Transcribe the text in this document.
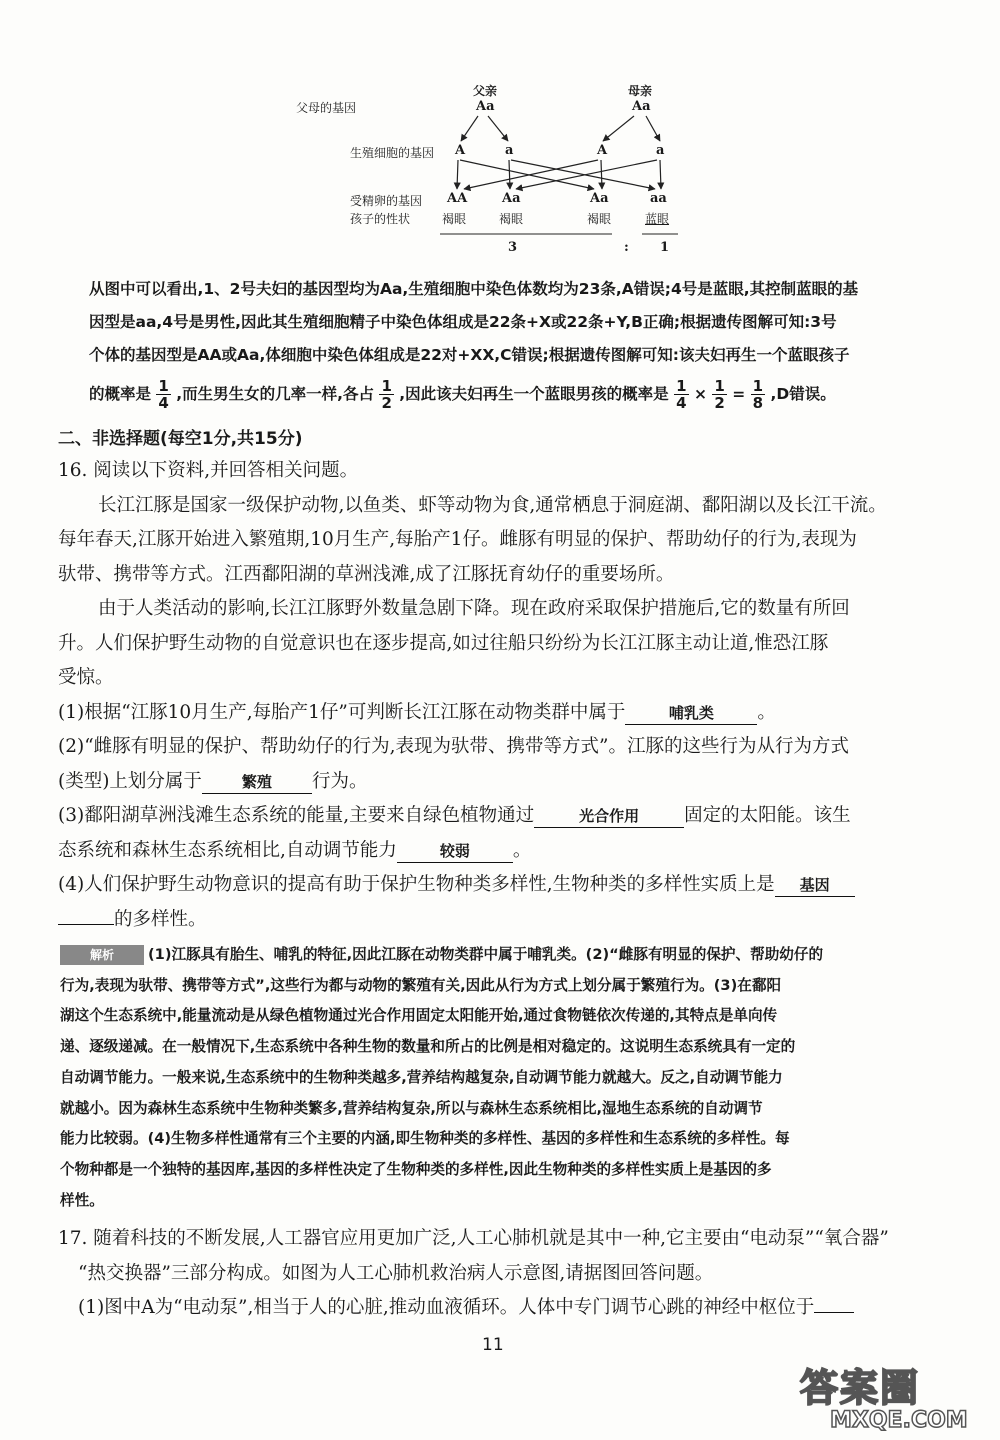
父亲	母亲
父母的基因
生殖细胞的基因
受精卵的基因
孩子的性状
Aa	Aa
A	a	A	a
AA	Aa	Aa	aa
褐眼	褐眼	褐眼	蓝眼
3	: 1
从图中可以看出,1、2号夫妇的基因型均为Aa,生殖细胞中染色体数均为23条,A错误;4号是蓝眼,其控制蓝眼的基
因型是aa,4号是男性,因此其生殖细胞精子中染色体组成是22条+X或22条+Y,B正确;根据遗传图解可知:3号
个体的基因型是AA或Aa,体细胞中染色体组成是22对+XX,C错误;根据遗传图解可知:该夫妇再生一个蓝眼孩子
的概率是 $\frac{1}{4}$ ,而生男生女的几率一样,各占 $\frac{1}{2}$ ,因此该夫妇再生一个蓝眼男孩的概率是 $\frac{1}{4} \times \frac{1}{2} = \frac{1}{8} ,D$错误。
二、非选择题(每空1分,共15分)
16. 阅读以下资料,并回答相关问题。
长江江豚是国家一级保护动物,以鱼类、虾等动物为食,通常栖息于洞庭湖、鄱阳湖以及长江干流。
每年春天,江豚开始进入繁殖期,10月生产,每胎产1仔。雌豚有明显的保护、帮助幼仔的行为,表现为
驮带、携带等方式。江西鄱阳湖的草洲浅滩,成了江豚抚育幼仔的重要场所。
由于人类活动的影响,长江江豚野外数量急剧下降。现在政府采取保护措施后,它的数量有所回
升。人们保护野生动物的自觉意识也在逐步提高,如过往船只纷纷为长江江豚主动让道,惟恐江豚
受惊。
(1)根据“江豚10月生产,每胎产1仔”可判断长江江豚在动物类群中属于	哺乳类 。
(2)“雌豚有明显的保护、帮助幼仔的行为,表现为驮带、携带等方式”。江豚的这些行为从行为方式
(类型)上划分属于	繁殖 行为。
(3)鄱阳湖草洲浅滩生态系统的能量,主要来自绿色植物通过	光合作用 固定的太阳能。该生
态系统和森林生态系统相比,自动调节能力	较弱 。
(4)人们保护野生动物意识的提高有助于保护生物种类多样性,生物种类的多样性实质上是 基因
的多样性。
解析 (1)江豚具有胎生、哺乳的特征,因此江豚在动物类群中属于哺乳类。(2)“雌豚有明显的保护、帮助幼仔的
行为,表现为驮带、携带等方式”,这些行为都与动物的繁殖有关,因此从行为方式上划分属于繁殖行为。(3)在鄱阳
湖这个生态系统中,能量流动是从绿色植物通过光合作用固定太阳能开始,通过食物链依次传递的,其特点是单向传
递、逐级递减。在一般情况下,生态系统中各种生物的数量和所占的比例是相对稳定的。这说明生态系统具有一定的
自动调节能力。一般来说,生态系统中的生物种类越多,营养结构越复杂,自动调节能力就越大。反之,自动调节能力
就越小。因为森林生态系统中生物种类繁多,营养结构复杂,所以与森林生态系统相比,湿地生态系统的自动调节
能力比较弱。(4)生物多样性通常有三个主要的内涵,即生物种类的多样性、基因的多样性和生态系统的多样性。每
个物种都是一个独特的基因库,基因的多样性决定了生物种类的多样性,因此生物种类的多样性实质上是基因的多
样性。
17. 随着科技的不断发展,人工器官应用更加广泛,人工心肺机就是其中一种,它主要由“电动泵”“氧合器”
“热交换器”三部分构成。如图为人工心肺机救治病人示意图,请据图回答问题。
(1)图中A为“电动泵”,相当于人的心脏,推动血液循环。人体中专门调节心跳的神经中枢位于
11
答案圈
MXQE.COM
